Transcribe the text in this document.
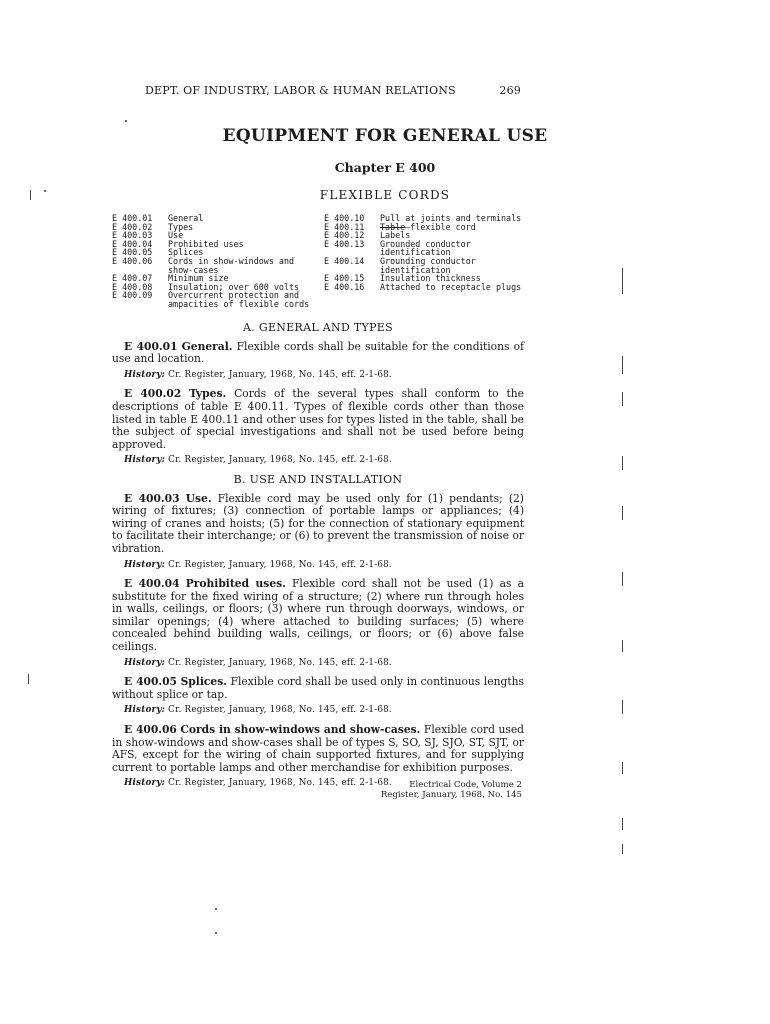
DEPT. OF INDUSTRY, LABOR & HUMAN RELATIONS	269
EQUIPMENT FOR GENERAL USE
Chapter E 400
FLEXIBLE CORDS
E 400.01	General
E 400.02	Types
E 400.03	Use
E 400.04	Prohibited uses
E 400.05	Splices
E 400.06	Cords in show-windows and show-cases
E 400.07	Minimum size
E 400.08	Insulation; over 600 volts
E 400.09	Overcurrent protection and ampacities of flexible cords
E 400.10	Pull at joints and terminals
E 400.11	Table—flexible cord
E 400.12	Labels
E 400.13	Grounded conductor identification
E 400.14	Grounding conductor identification
E 400.15	Insulation thickness
E 400.16	Attached to receptacle plugs
A. GENERAL AND TYPES

E 400.01 General. Flexible cords shall be suitable for the conditions of use and location.

History: Cr. Register, January, 1968, No. 145, eff. 2-1-68.

E 400.02 Types. Cords of the several types shall conform to the descriptions of table E 400.11. Types of flexible cords other than those listed in table E 400.11 and other uses for types listed in the table, shall be the subject of special investigations and shall not be used before being approved.

History: Cr. Register, January, 1968, No. 145, eff. 2-1-68.
B. USE AND INSTALLATION

E 400.03 Use. Flexible cord may be used only for (1) pendants; (2) wiring of fixtures; (3) connection of portable lamps or appliances; (4) wiring of cranes and hoists; (5) for the connection of stationary equipment to facilitate their interchange; or (6) to prevent the transmission of noise or vibration.

History: Cr. Register, January, 1968, No. 145, eff. 2-1-68.

E 400.04 Prohibited uses. Flexible cord shall not be used (1) as a substitute for the fixed wiring of a structure; (2) where run through holes in walls, ceilings, or floors; (3) where run through doorways, windows, or similar openings; (4) where attached to building surfaces; (5) where concealed behind building walls, ceilings, or floors; or (6) above false ceilings.

History: Cr. Register, January, 1968, No. 145, eff. 2-1-68.

E 400.05 Splices. Flexible cord shall be used only in continuous lengths without splice or tap.

History: Cr. Register, January, 1968, No. 145, eff. 2-1-68.

E 400.06 Cords in show-windows and show-cases. Flexible cord used in show-windows and show-cases shall be of types S, SO, SJ, SJO, ST, SJT, or AFS, except for the wiring of chain supported fixtures, and for supplying current to portable lamps and other merchandise for exhibition purposes.

History: Cr. Register, January, 1968, No. 145, eff. 2-1-68.	Electrical Code, Volume 2
Register, January, 1968, No. 145
